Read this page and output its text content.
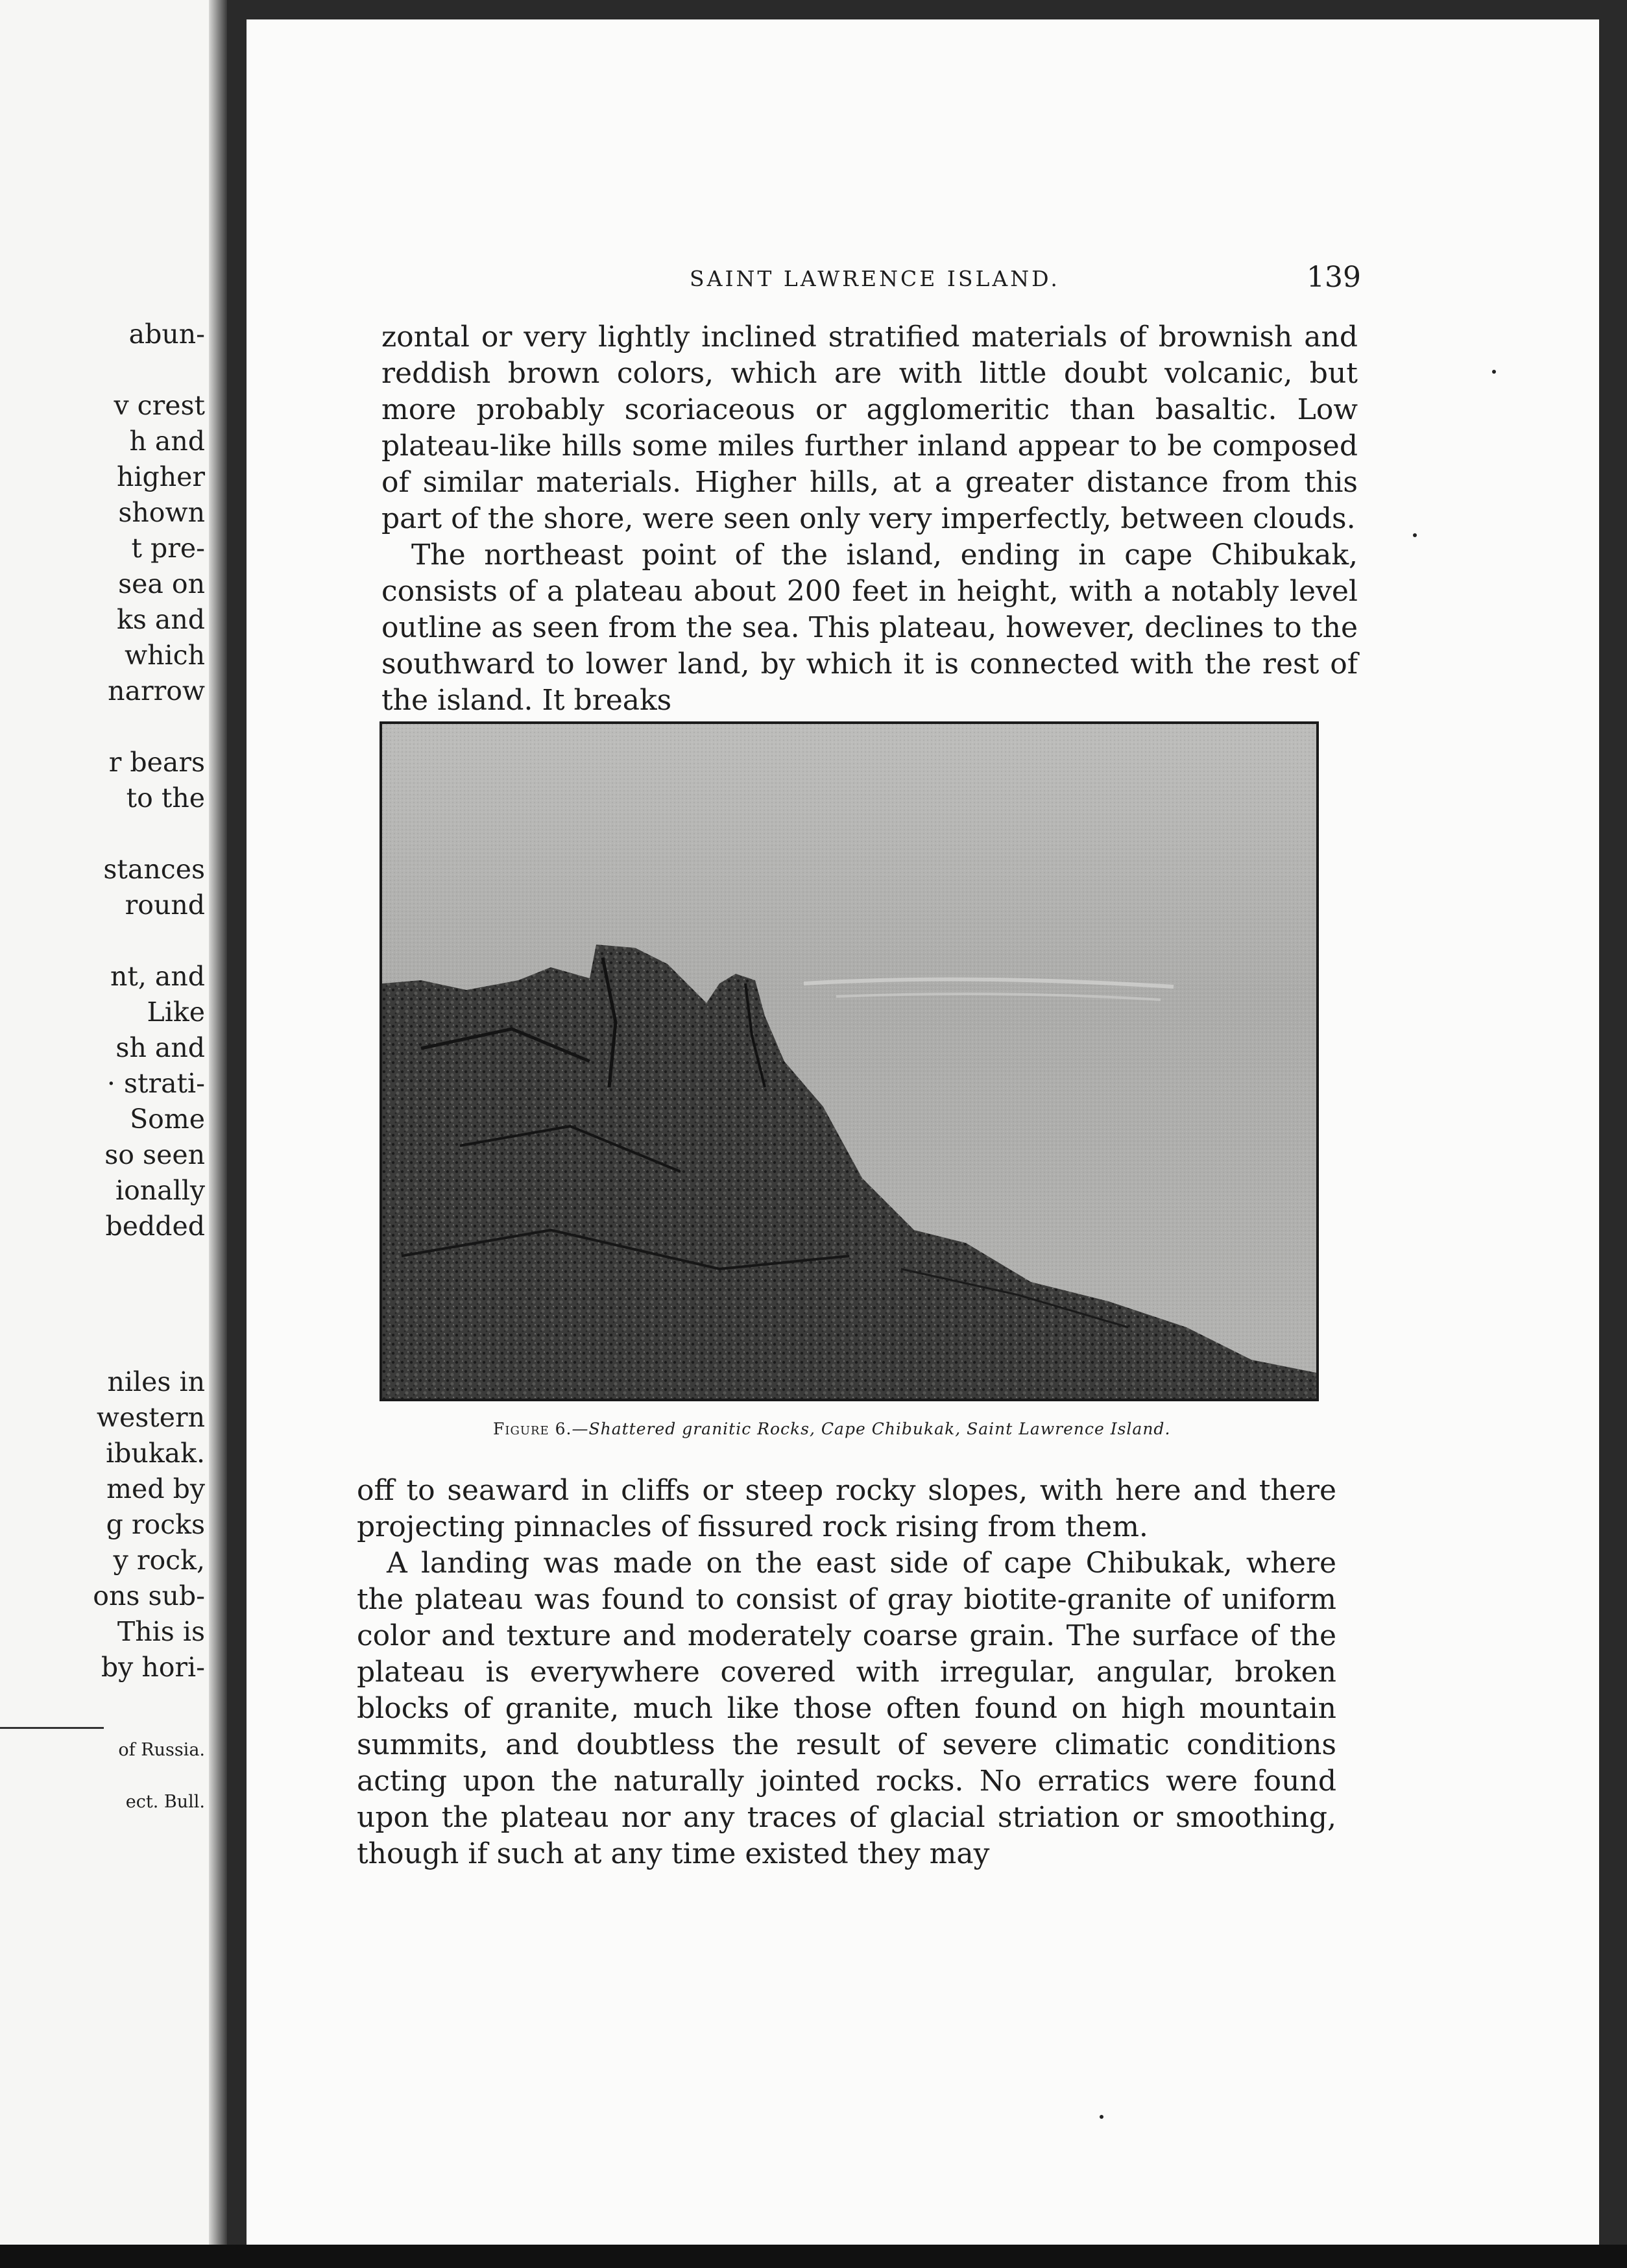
abun-
v crest
h and
higher
shown
t pre-
sea on
ks and
which
narrow
r bears
to the
stances
round
nt, and
Like
sh and
· strati-
Some
so seen
ionally
bedded
niles in
western
ibukak.
med by
g rocks
y rock,
ons sub-
This is
by hori-
of Russia.
ect. Bull.
SAINT LAWRENCE ISLAND.	139

zontal or very lightly inclined stratified materials of brownish and reddish brown colors, which are with little doubt volcanic, but more probably scoriaceous or agglomeritic than basaltic. Low plateau-like hills some miles further inland appear to be composed of similar materials. Higher hills, at a greater distance from this part of the shore, were seen only very imperfectly, between clouds.

The northeast point of the island, ending in cape Chibukak, consists of a plateau about 200 feet in height, with a notably level outline as seen from the sea. This plateau, however, declines to the southward to lower land, by which it is connected with the rest of the island. It breaks

Figure 6.—Shattered granitic Rocks, Cape Chibukak, Saint Lawrence Island.

off to seaward in cliffs or steep rocky slopes, with here and there projecting pinnacles of fissured rock rising from them.

A landing was made on the east side of cape Chibukak, where the plateau was found to consist of gray biotite-granite of uniform color and texture and moderately coarse grain. The surface of the plateau is everywhere covered with irregular, angular, broken blocks of granite, much like those often found on high mountain summits, and doubtless the result of severe climatic conditions acting upon the naturally jointed rocks. No erratics were found upon the plateau nor any traces of glacial striation or smoothing, though if such at any time existed they may
